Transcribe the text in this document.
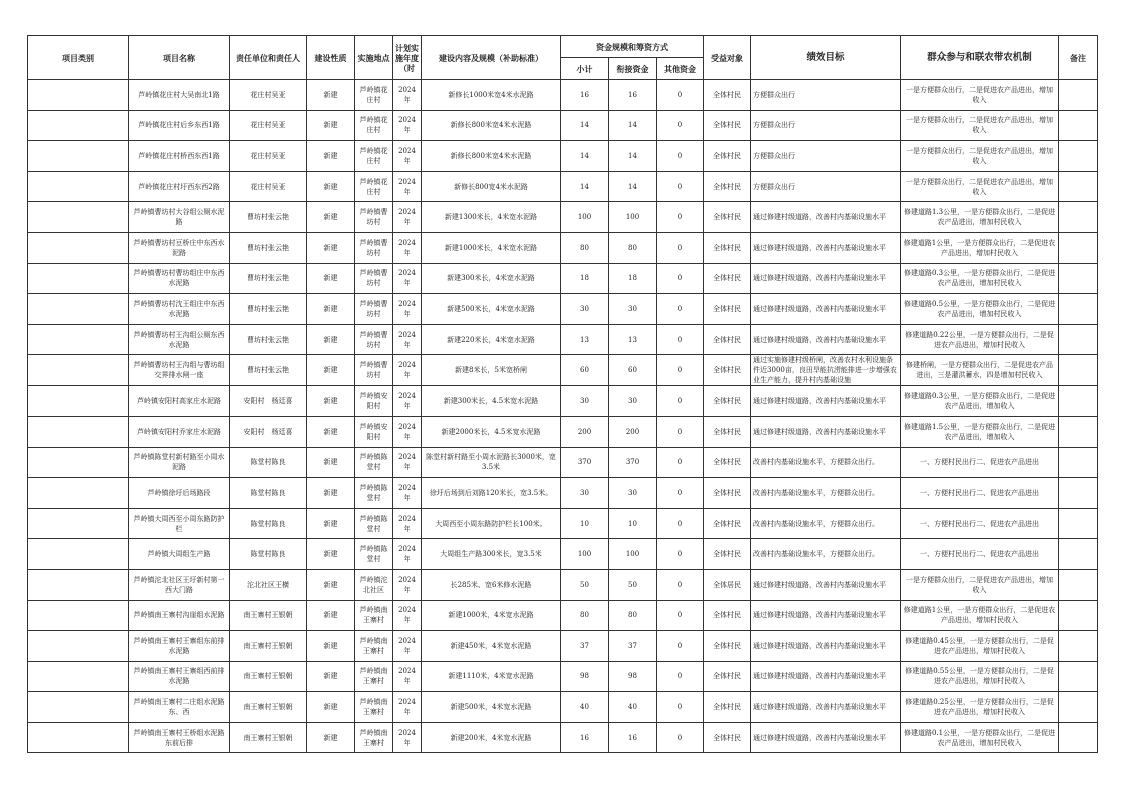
项目类别	项目名称	责任单位和责任人	建设性质	实施地点	计划实施年度（时	建设内容及规模（补助标准）	资金规模和筹资方式			受益对象	绩效目标	群众参与和联农带农机制	备注
							小计	衔接资金	其他资金				
	芦岭镇花庄村大吴南北1路	花庄村吴亚	新建	芦岭镇花庄村	2024年	新修长1000米宽4米水泥路	16	16	0	全体村民	方便群众出行	一是方便群众出行，二是促进农产品进出，增加收入	
	芦岭镇花庄村后乡东西1路	花庄村吴亚	新建	芦岭镇花庄村	2024年	新修长800米宽4米水泥路	14	14	0	全体村民	方便群众出行	一是方便群众出行，二是促进农产品进出，增加收入	
	芦岭镇花庄村桥西东西1路	花庄村吴亚	新建	芦岭镇花庄村	2024年	新修长800米宽4米水泥路	14	14	0	全体村民	方便群众出行	一是方便群众出行，二是促进农产品进出，增加收入	
	芦岭镇花庄村圩西东西2路	花庄村吴亚	新建	芦岭镇花庄村	2024年	新修长800宽4米水泥路	14	14	0	全体村民	方便群众出行	一是方便群众出行，二是促进农产品进出，增加收入	
	芦岭镇曹坊村大谷组公厕水泥路	曹坊村张云艳	新建	芦岭镇曹坊村	2024年	新建1300米长，4米宽水泥路	100	100	0	全体村民	通过修建村级道路，改善村内基础设施水平	修建道路1.3公里，一是方便群众出行，二是促进农产品进出，增加村民收入	
	芦岭镇曹坊村豆桥庄中东西水泥路	曹坊村张云艳	新建	芦岭镇曹坊村	2024年	新建1000米长，4米宽水泥路	80	80	0	全体村民	通过修建村级道路，改善村内基础设施水平	修建道路1公里，一是方便群众出行，二是促进农产品进出，增加村民收入	
	芦岭镇曹坊村曹坊组庄中东西水泥路	曹坊村张云艳	新建	芦岭镇曹坊村	2024年	新建300米长，4米宽水泥路	18	18	0	全体村民	通过修建村级道路，改善村内基础设施水平	修建道路0.3公里，一是方便群众出行，二是促进农产品进出，增加村民收入	
	芦岭镇曹坊村沈王组庄中东西水泥路	曹坊村张云艳	新建	芦岭镇曹坊村	2024年	新建500米长，4米宽水泥路	30	30	0	全体村民	通过修建村级道路，改善村内基础设施水平	修建道路0.5公里，一是方便群众出行，二是促进农产品进出，增加村民收入	
	芦岭镇曹坊村王沟组公厕东西水泥路	曹坊村张云艳	新建	芦岭镇曹坊村	2024年	新建220米长，4米宽水泥路	13	13	0	全体村民	通过修建村级道路，改善村内基础设施水平	修建道路0.22公里，一是方便群众出行，二是促进农产品进出，增加村民收入	
	芦岭镇曹坊村王沟组与曹坊组交界排水闸一座	曹坊村张云艳	新建	芦岭镇曹坊村	2024年	新建8米长，5米宽桥闸	60	60	0	全体村民	通过实施修建村级桥闸，改善农村水利设施条件近3000亩，良田旱能抗涝能排进一步增强农业生产能力，提升村内基础设施	修建桥闸，一是方便群众出行，二是促进农产品进出，三是灌洪蓄水，四是增加村民收入	
	芦岭镇安阳村高家庄水泥路	安阳村　杨廷喜	新建	芦岭镇安阳村	2024年	新建300米长，4.5米宽水泥路	30	30	0	全体村民	通过修建村级道路，改善村内基础设施水平	修建道路0.3公里，一是方便群众出行，二是促进农产品进出，增加收入	
	芦岭镇安阳村乔家庄水泥路	安阳村　杨廷喜	新建	芦岭镇安阳村	2024年	新建2000米长，4.5米宽水泥路	200	200	0	全体村民	通过修建村级道路，改善村内基础设施水平	修建道路1.5公里，一是方便群众出行，二是促进农产品进出，增加收入	
	芦岭镇陈堂村新村路至小周水泥路	陈堂村陈良	新建	芦岭镇陈堂村	2024年	陈堂村新村路至小周水泥路长3000米，宽3.5米	370	370	0	全体村民	改善村内基础设施水平，方便群众出行。	一、方便村民出行二、促进农产品进出	
	芦岭镇徐圩后场路段	陈堂村陈良	新建	芦岭镇陈堂村	2024年	徐圩后场到后刘路120米长，宽3.5米。	30	30	0	全体村民	改善村内基础设施水平，方便群众出行。	一、方便村民出行二、促进农产品进出	
	芦岭镇大周西至小周东路防护栏	陈堂村陈良	新建	芦岭镇陈堂村	2024年	大周西至小周东路防护栏长100米。	10	10	0	全体村民	改善村内基础设施水平，方便群众出行。	一、方便村民出行二、促进农产品进出	
	芦岭镇大周组生产路	陈堂村陈良	新建	芦岭镇陈堂村	2024年	大周组生产路300米长，宽3.5米	100	100	0	全体村民	改善村内基础设施水平，方便群众出行。	一、方便村民出行二、促进农产品进出	
	芦岭镇沱北社区王圩新村第一西大门路	沱北社区王横	新建	芦岭镇沱北社区	2024年	长285米、宽6米修水泥路	50	50	0	全体居民	通过修建村级道路，改善村内基础设施水平	一是方便群众出行，二是促进农产品进出，增加收入	
	芦岭镇南王寨村沟崖组水泥路	南王寨村王银朝	新建	芦岭镇南王寨村	2024年	新建1000米，4米宽水泥路	80	80	0	全体村民	通过修建村级道路，改善村内基础设施水平	修建道路1公里，一是方便群众出行，二是促进农产品进出，增加村民收入	
	芦岭镇南王寨村王寨组东前排水泥路	南王寨村王银朝	新建	芦岭镇南王寨村	2024年	新建450米，4米宽水泥路	37	37	0	全体村民	通过修建村级道路，改善村内基础设施水平	修建道路0.45公里，一是方便群众出行，二是促进农产品进出，增加村民收入	
	芦岭镇南王寨村王寨组西前排水泥路	南王寨村王银朝	新建	芦岭镇南王寨村	2024年	新建1110米，4米宽水泥路	98	98	0	全体村民	通过修建村级道路，改善村内基础设施水平	修建道路0.55公里，一是方便群众出行，二是促进农产品进出，增加村民收入	
	芦岭镇南王寨村二庄组水泥路东、西	南王寨村王银朝	新建	芦岭镇南王寨村	2024年	新建500米，4米宽水泥路	40	40	0	全体村民	通过修建村级道路，改善村内基础设施水平	修建道路0.25公里，一是方便群众出行，二是促进农产品进出，增加村民收入	
	芦岭镇南王寨村王桥组水泥路东前后排	南王寨村王银朝	新建	芦岭镇南王寨村	2024年	新建200米，4米宽水泥路	16	16	0	全体村民	通过修建村级道路，改善村内基础设施水平	修建道路0.1公里，一是方便群众出行，二是促进农产品进出，增加村民收入	
